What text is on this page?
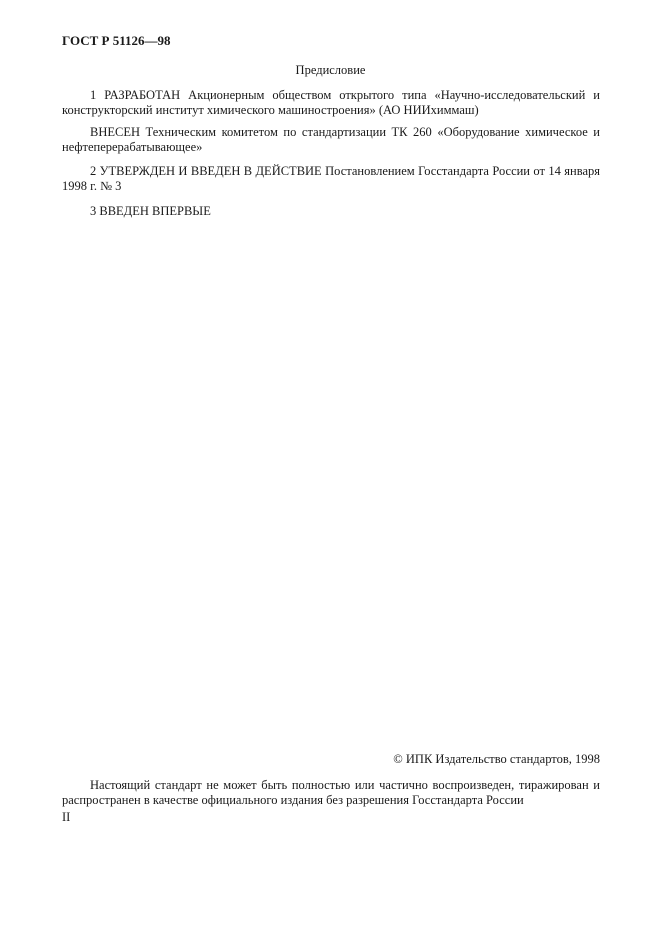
ГОСТ Р 51126—98
Предисловие
1 РАЗРАБОТАН Акционерным обществом открытого типа «Научно-исследовательский и конструкторский институт химического машиностроения» (АО НИИхиммаш)
ВНЕСЕН Техническим комитетом по стандартизации ТК 260 «Оборудование химическое и нефтеперерабатывающее»
2 УТВЕРЖДЕН И ВВЕДЕН В ДЕЙСТВИЕ Постановлением Госстандарта России от 14 января 1998 г. № 3
3 ВВЕДЕН ВПЕРВЫЕ
© ИПК Издательство стандартов, 1998
Настоящий стандарт не может быть полностью или частично воспроизведен, тиражирован и распространен в качестве официального издания без разрешения Госстандарта России
II
